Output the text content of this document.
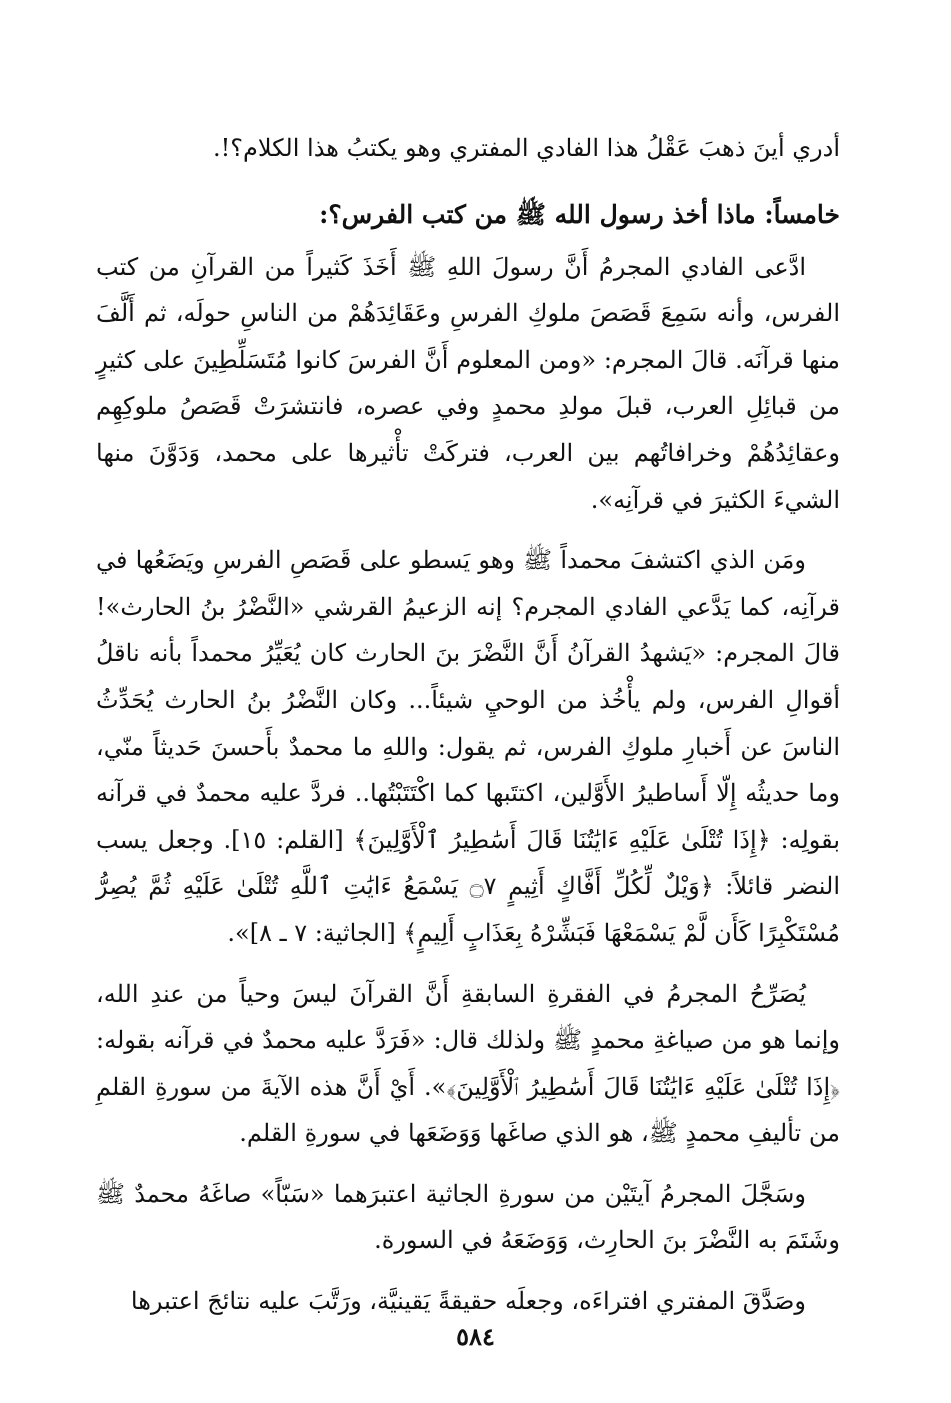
أدري أينَ ذهبَ عَقْلُ هذا الفادي المفتري وهو يكتبُ هذا الكلام؟!.

خامساً: ماذا أخذ رسول الله ﷺ من كتب الفرس؟:

ادَّعى الفادي المجرمُ أَنَّ رسولَ اللهِ ﷺ أَخَذَ كَثيراً من القرآنِ من كتب الفرس، وأنه سَمِعَ قَصَصَ ملوكِ الفرسِ وعَقَائِدَهُمْ من الناسِ حولَه، ثم أَلَّفَ منها قرآنَه. قالَ المجرم: «ومن المعلوم أَنَّ الفرسَ كانوا مُتَسَلِّطِينَ على كثيرٍ من قبائِلِ العرب، قبلَ مولدِ محمدٍ وفي عصره، فانتشرَتْ قَصَصُ ملوكِهِم وعقائِدُهُمْ وخرافاتُهم بين العرب، فتركَتْ تأْثيرها على محمد، وَدَوَّنَ منها الشيءَ الكثيرَ في قرآنِه».

ومَن الذي اكتشفَ محمداً ﷺ وهو يَسطو على قَصَصِ الفرسِ ويَضَعُها في قرآنِه، كما يَدَّعي الفادي المجرم؟ إنه الزعيمُ القرشي «النَّضْرُ بنُ الحارث»! قالَ المجرم: «يَشهدُ القرآنُ أَنَّ النَّضْرَ بنَ الحارث كان يُعَيِّرُ محمداً بأنه ناقلُ أقوالِ الفرس، ولم يأْخُذ من الوحيِ شيئاً... وكان النَّضْرُ بنُ الحارث يُحَدِّثُ الناسَ عن أَخبارِ ملوكِ الفرس، ثم يقول: واللهِ ما محمدٌ بأَحسنَ حَديثاً منّي، وما حديثُه إِلّا أَساطيرُ الأَوَّلين، اكتتَبها كما اكْتَتَبْتُها.. فردَّ عليه محمدٌ في قرآنه بقولِه: ﴿إِذَا تُتْلَىٰ عَلَيْهِ ءَايَٰتُنَا قَالَ أَسَٰطِيرُ ٱلْأَوَّلِينَ﴾ [القلم: ١٥]. وجعل يسب النضر قائلاً: ﴿وَيْلٌ لِّكُلِّ أَفَّاكٍ أَثِيمٍ ۝٧ يَسْمَعُ ءَايَٰتِ ٱللَّهِ تُتْلَىٰ عَلَيْهِ ثُمَّ يُصِرُّ مُسْتَكْبِرًا كَأَن لَّمْ يَسْمَعْهَا فَبَشِّرْهُ بِعَذَابٍ أَلِيمٍ﴾ [الجاثية: ٧ ـ ٨]».

يُصَرِّحُ المجرمُ في الفقرةِ السابقةِ أَنَّ القرآنَ ليسَ وحياً من عندِ الله، وإنما هو من صياغةِ محمدٍ ﷺ ولذلك قال: «فَرَدَّ عليه محمدٌ في قرآنه بقوله: ﴿إِذَا تُتْلَىٰ عَلَيْهِ ءَايَٰتُنَا قَالَ أَسَٰطِيرُ ٱلْأَوَّلِينَ﴾». أَيْ أَنَّ هذه الآيةَ من سورةِ القلمِ من تأليفِ محمدٍ ﷺ، هو الذي صاغَها وَوَضَعَها في سورةِ القلم.

وسَجَّلَ المجرمُ آيتَيْن من سورةِ الجاثية اعتبرَهما «سَبّاً» صاغَهُ محمدٌ ﷺ وشَتَمَ به النَّضْرَ بنَ الحارِث، وَوَضَعَهُ في السورة.

وصَدَّقَ المفتري افتراءَه، وجعلَه حقيقةً يَقينيَّة، ورَتَّبَ عليه نتائجَ اعتبرها

٥٨٤
